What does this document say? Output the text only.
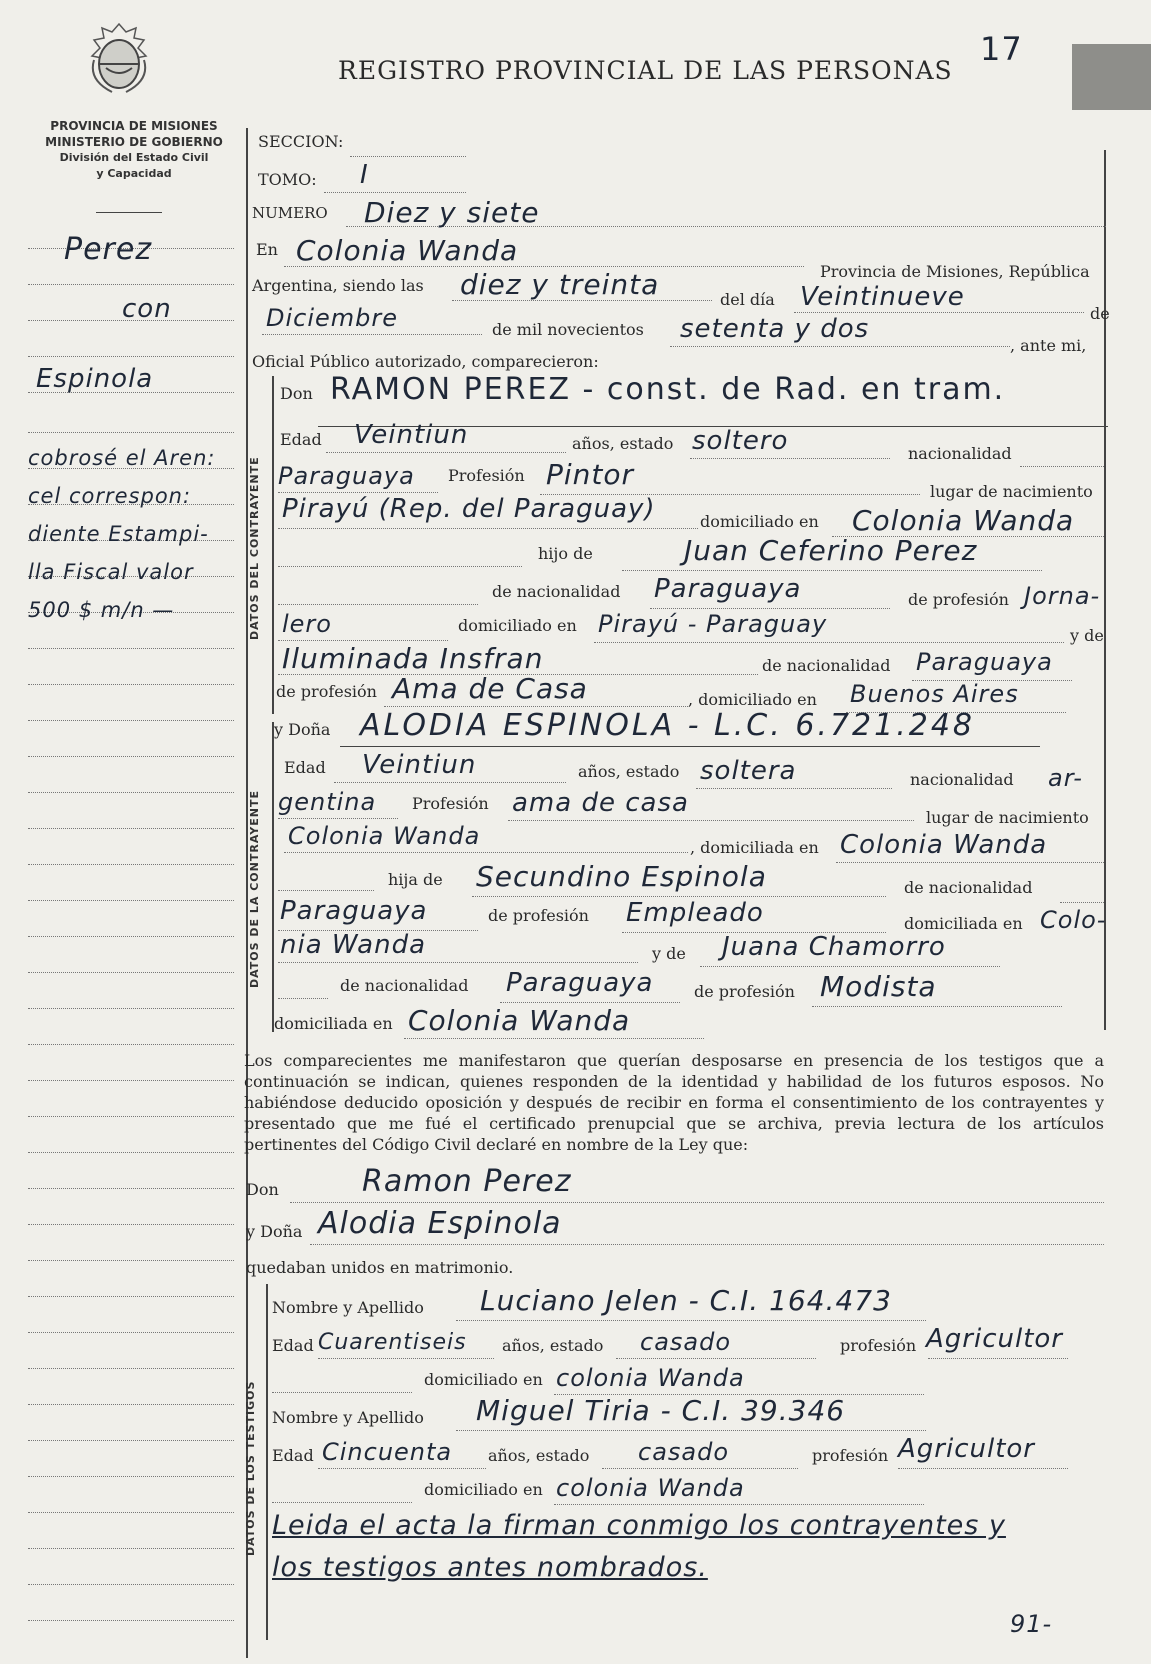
REGISTRO PROVINCIAL DE LAS PERSONAS
17
PROVINCIA DE MISIONES
MINISTERIO DE GOBIERNO
División del Estado Civil
y Capacidad
Perez
con
Espinola
cobrosé el Aren:
cel correspon:
diente Estampi-
lla Fiscal valor
500 $ m/n —
SECCION:
TOMO: I
NUMERO Diez y siete
En Colonia Wanda
Provincia de Misiones, República
Argentina, siendo las diez y treinta	del día Veintinueve
de
Diciembre	de mil novecientos setenta y dos
, ante mi,
Oficial Público autorizado, comparecieron:
DATOS DEL CONTRAYENTE
Don RAMON PEREZ - const. de Rad. en tram.
Edad Veintiun	años, estado soltero	nacionalidad
Paraguaya Profesión Pintor
lugar de nacimiento
Pirayú (Rep. del Paraguay)	domiciliado en Colonia Wanda
hijo de	Juan Ceferino Perez
de nacionalidad Paraguaya	de profesión Jorna-
lero	domiciliado en Pirayú - Paraguay	y de
Iluminada Insfran	de nacionalidad Paraguaya
de profesión Ama de Casa	, domiciliado en Buenos Aires
DATOS DE LA CONTRAYENTE
y Doña ALODIA ESPINOLA - L.C. 6.721.248
Edad Veintiun	años, estado soltera	nacionalidad ar-
gentina Profesión ama de casa	lugar de nacimiento
Colonia Wanda	, domiciliada en Colonia Wanda
hija de Secundino Espinola	de nacionalidad
Paraguaya	de profesión Empleado	domiciliada en Colo-
nia Wanda	y de Juana Chamorro
de nacionalidad Paraguaya	de profesión Modista
domiciliada en Colonia Wanda
Los comparecientes me manifestaron que querían desposarse en presencia de los testigos que a continuación se indican, quienes responden de la identidad y habilidad de los futuros esposos. No habiéndose deducido oposición y después de recibir en forma el consentimiento de los contrayentes y presentado que me fué el certificado prenupcial que se archiva, previa lectura de los artículos pertinentes del Código Civil declaré en nombre de la Ley que:
Don	Ramon Perez
y Doña Alodia Espinola
quedaban unidos en matrimonio.
DATOS DE LOS TESTIGOS
Nombre y Apellido Luciano Jelen - C.I. 164.473
Edad Cuarentiseis años, estado casado	profesión Agricultor
domiciliado en colonia Wanda
Nombre y Apellido Miguel Tiria - C.I. 39.346
Edad Cincuenta años, estado casado	profesión Agricultor
domiciliado en colonia Wanda
Leida el acta la firman conmigo los contrayentes y
los testigos antes nombrados.
91-
